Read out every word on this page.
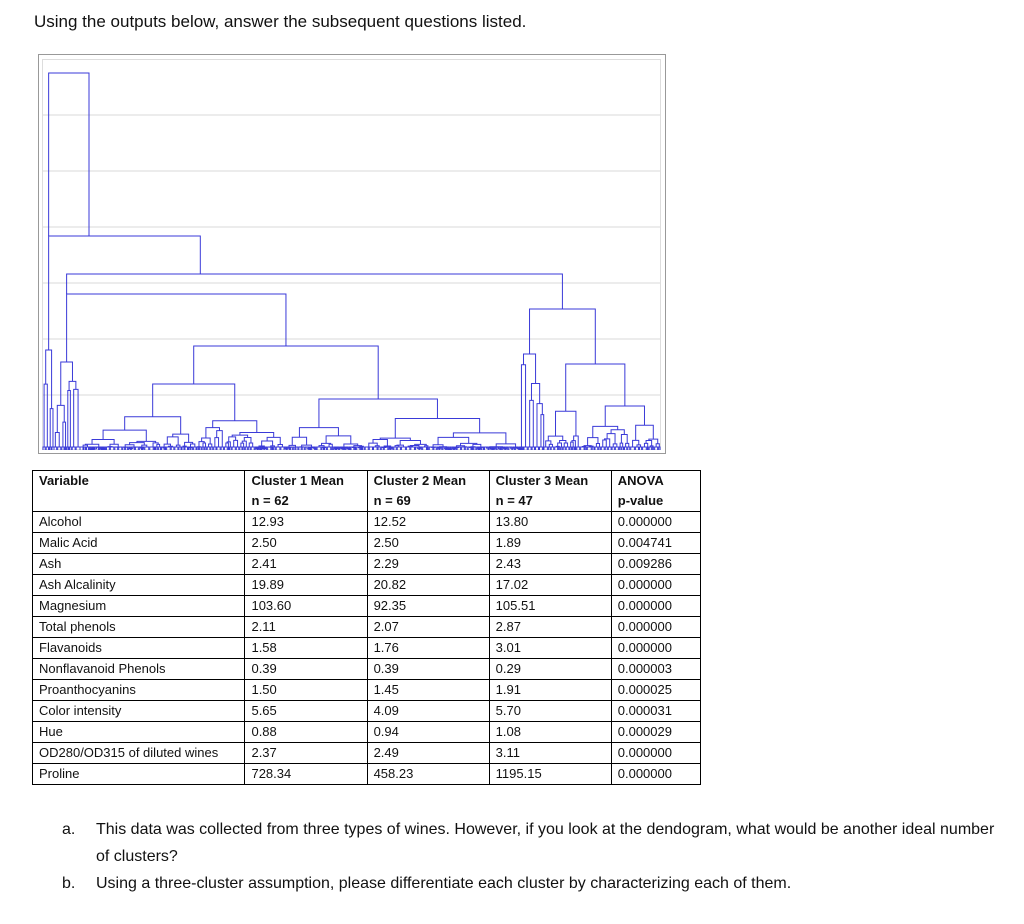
Using the outputs below, answer the subsequent questions listed.
Variable	Cluster 1 Mean	Cluster 2 Mean	Cluster 3 Mean	ANOVA
	n = 62	n = 69	n = 47	p-value
Alcohol	12.93	12.52	13.80	0.000000
Malic Acid	2.50	2.50	1.89	0.004741
Ash	2.41	2.29	2.43	0.009286
Ash Alcalinity	19.89	20.82	17.02	0.000000
Magnesium	103.60	92.35	105.51	0.000000
Total phenols	2.11	2.07	2.87	0.000000
Flavanoids	1.58	1.76	3.01	0.000000
Nonflavanoid Phenols	0.39	0.39	0.29	0.000003
Proanthocyanins	1.50	1.45	1.91	0.000025
Color intensity	5.65	4.09	5.70	0.000031
Hue	0.88	0.94	1.08	0.000029
OD280/OD315 of diluted wines	2.37	2.49	3.11	0.000000
Proline	728.34	458.23	1195.15	0.000000
a.	This data was collected from three types of wines. However, if you look at the dendogram, what would be another ideal number of clusters?
b.	Using a three-cluster assumption, please differentiate each cluster by characterizing each of them.
